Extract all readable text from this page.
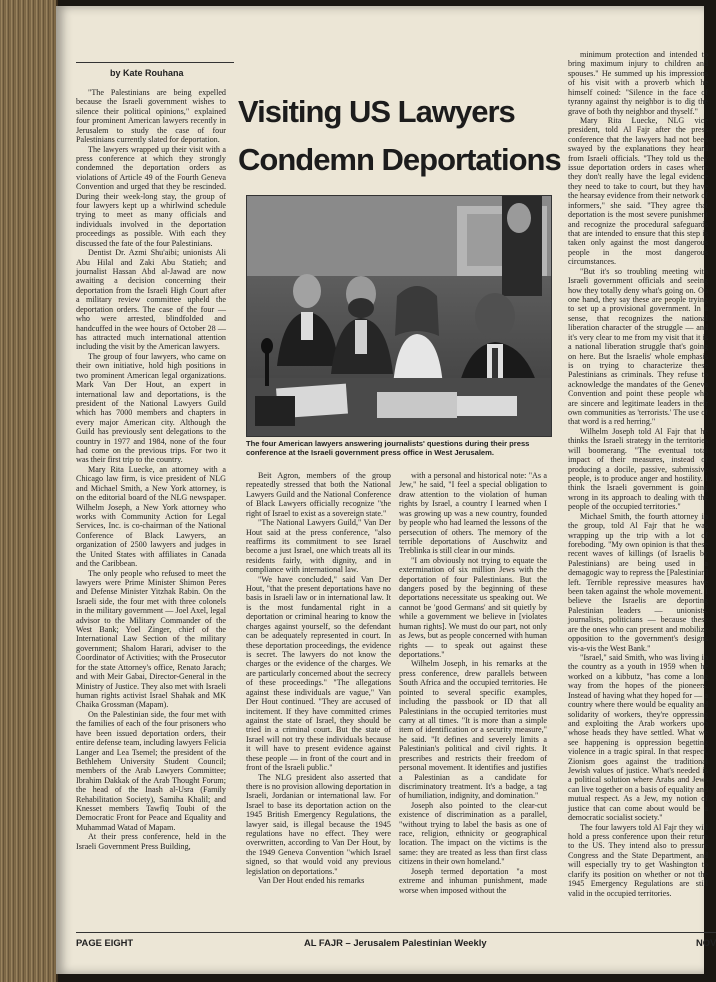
by Kate Rouhana
Visiting US Lawyers
Condemn Deportations

"The Palestinians are being expelled because the Israeli government wishes to silence their political opinions," explained four prominent American lawyers recently in Jerusalem to study the case of four Palestinians currently slated for deportation.

The lawyers wrapped up their visit with a press conference at which they strongly condemned the deportation orders as violations of Article 49 of the Fourth Geneva Convention and urged that they be rescinded. During their week-long stay, the group of four lawyers kept up a whirlwind schedule trying to meet as many officials and individuals involved in the deportation proceedings as possible. With each they discussed the fate of the four Palestinians.

Dentist Dr. Azmi Shu'aibi; unionists Ali Abu Hilal and Zaki Abu Statieh; and journalist Hassan Abd al-Jawad are now awaiting a decision concerning their deportation from the Israeli High Court after a military review committee upheld the deportation orders. The case of the four — who were arrested, blindfolded and handcuffed in the wee hours of October 28 — has attracted much international attention including the visit by the American lawyers.

The group of four lawyers, who came on their own initiative, hold high positions in two prominent American legal organizations. Mark Van Der Hout, an expert in international law and deportations, is the president of the National Lawyers Guild which has 7000 members and chapters in every major American city. Although the Guild has previously sent delegations to the country in 1977 and 1984, none of the four had come on the previous trips. For two it was their first trip to the country.

Mary Rita Luecke, an attorney with a Chicago law firm, is vice president of NLG and Michael Smith, a New York attorney, is on the editorial board of the NLG newspaper. Wilhelm Joseph, a New York attorney who works with Community Action for Legal Services, Inc. is co-chairman of the National Conference of Black Lawyers, an organization of 2500 lawyers and judges in the United States with affiliates in Canada and the Caribbean.

The only people who refused to meet the lawyers were Prime Minister Shimon Peres and Defense Minister Yitzhak Rabin. On the Israeli side, the four met with three colonels in the military government — Joel Axel, legal advisor to the Military Commander of the West Bank; Yoel Zinger, chief of the International Law Section of the military government; Shalom Harari, adviser to the Coordinator of Activities; with the Prosecutor for the state Attorney's office, Renato Jarach; and with Meir Gabai, Director-General in the Ministry of Justice. They also met with Israeli human rights activist Israel Shahak and MK Chaika Grossman (Mapam).

On the Palestinian side, the four met with the families of each of the four prisoners who have been issued deportation orders, their entire defense team, including lawyers Felicia Langer and Lea Tsemel; the president of the Bethlehem University Student Council; members of the Arab Lawyers Committee; Ibrahim Dakkak of the Arab Thought Forum; the head of the Inash al-Usra (Family Rehabilitation Society), Samiha Khalil; and Knesset members Tawfiq Toubi of the Democratic Front for Peace and Equality and Muhammad Watad of Mapam.

At their press conference, held in the Israeli Government Press Building,

The four American lawyers answering journalists' questions during their press conference at the Israeli government press office in West Jerusalem.

Beit Agron, members of the group repeatedly stressed that both the National Lawyers Guild and the National Conference of Black Lawyers officially recognize "the right of Israel to exist as a sovereign state."

"The National Lawyers Guild," Van Der Hout said at the press conference, "also reaffirms its commitment to see Israel become a just Israel, one which treats all its residents fairly, with dignity, and in compliance with international law.

"We have concluded," said Van Der Hout, "that the present deportations have no basis in Israeli law or in international law. It is the most fundamental right in a deportation or criminal hearing to know the charges against yourself, so the defendant can be adequately represented in court. In these deportation proceedings, the evidence is secret. The lawyers do not know the charges or the evidence of the charges. We are particularly concerned about the secrecy of these proceedings." "The allegations against these individuals are vague," Van Der Hout continued. "They are accused of incitement. If they have committed crimes against the state of Israel, they should be tried in a criminal court. But the state of Israel will not try these individuals because it will have to present evidence against these people — in front of the court and in front of the Israeli public."

The NLG president also asserted that there is no provision allowing deportation in Israeli, Jordanian or international law. For Israel to base its deportation action on the 1945 British Emergency Regulations, the lawyer said, is illegal because the 1945 regulations have no effect. They were overwritten, according to Van Der Hout, by the 1949 Geneva Convention "which Israel signed, so that would void any previous legislation on deportations."

Van Der Hout ended his remarks

with a personal and historical note: "As a Jew," he said, "I feel a special obligation to draw attention to the violation of human rights by Israel, a country I learned when I was growing up was a new country, founded by people who had learned the lessons of the persecution of others. The memory of the terrible deportations of Auschwitz and Treblinka is still clear in our minds.

"I am obviously not trying to equate the extermination of six million Jews with the deportation of four Palestinians. But the dangers posed by the beginning of these deportations necessitate us speaking out. We cannot be 'good Germans' and sit quietly by while a government we believe in [violates human rights]. We must do our part, not only as Jews, but as people concerned with human rights — to speak out against these deportations."

Wilhelm Joseph, in his remarks at the press conference, drew parallels between South Africa and the occupied territories. He pointed to several specific examples, including the passbook or ID that all Palestinians in the occupied territories must carry at all times. "It is more than a simple item of identification or a security measure," he said. "It defines and severely limits a Palestinian's political and civil rights. It prescribes and restricts their freedom of personal movement. It identifies and justifies a Palestinian as a candidate for discriminatory treatment. It's a badge, a tag of humiliation, indignity, and domination."

Joseph also pointed to the clear-cut existence of discrimination as a parallel, "without trying to label the basis as one of race, religion, ethnicity or geographical location. The impact on the victims is the same: they are treated as less than first class citizens in their own homeland."

Joseph termed deportation "a most extreme and inhuman punishment, made worse when imposed without the

minimum protection and intended to bring maximum injury to children and spouses." He summed up his impressions of his visit with a proverb which he himself coined: "Silence in the face of tyranny against thy neighbor is to dig the grave of both thy neighbor and thyself."

Mary Rita Luecke, NLG vice president, told Al Fajr after the press conference that the lawyers had not been swayed by the explanations they heard from Israeli officials. "They told us they issue deportation orders in cases where they don't really have the legal evidence they need to take to court, but they have the hearsay evidence from their network of informers," she said. "They agree that deportation is the most severe punishment and recognize the procedural safeguards that are intended to ensure that this step is taken only against the most dangerous people in the most dangerous circumstances.

"But it's so troubling meeting with Israeli government officials and seeing how they totally deny what's going on. On one hand, they say these are people trying to set up a provisional government. In a sense, that recognizes the national liberation character of the struggle — and it's very clear to me from my visit that it is a national liberation struggle that's going on here. But the Israelis' whole emphasis is on trying to characterize these Palestinians as criminals. They refuse to acknowledge the mandates of the Geneva Convention and point these people who are sincere and legitimate leaders in their own communities as 'terrorists.' The use of that word is a red herring."

Wilhelm Joseph told Al Fajr that he thinks the Israeli strategy in the territories will boomerang. "The eventual total impact of their measures, instead of producing a docile, passive, submissive people, is to produce anger and hostility. I think the Israeli government is going wrong in its approach to dealing with the people of the occupied territories."

Michael Smith, the fourth attorney in the group, told Al Fajr that he was wrapping up the trip with a lot of foreboding. "My own opinion is that these recent waves of killings (of Israelis by Palestinians) are being used in a demagogic way to repress the [Palestinian] left. Terrible repressive measures have been taken against the whole movement. I believe the Israelis are deporting Palestinian leaders — unionists, journalists, politicians — because these are the ones who can present and mobilize opposition to the government's designs vis-a-vis the West Bank."

"Israel," said Smith, who was living in the country as a youth in 1959 when he worked on a kibbutz, "has come a long way from the hopes of the pioneers. Instead of having what they hoped for — a country where there would be equality and solidarity of workers, they're oppressing and exploiting the Arab workers upon whose heads they have settled. What we see happening is oppression begetting violence in a tragic spiral. In that respect, Zionism goes against the traditional Jewish values of justice. What's needed is a political solution where Arabs and Jews can live together on a basis of equality and mutual respect. As a Jew, my notion of justice that can come about would be a democratic socialist society."

The four lawyers told Al Fajr they will hold a press conference upon their return to the US. They intend also to pressure Congress and the State Department, and will especially try to get Washington to clarify its position on whether or not the 1945 Emergency Regulations are still valid in the occupied territories.

PAGE EIGHT	AL FAJR – Jerusalem Palestinian Weekly	NOV
